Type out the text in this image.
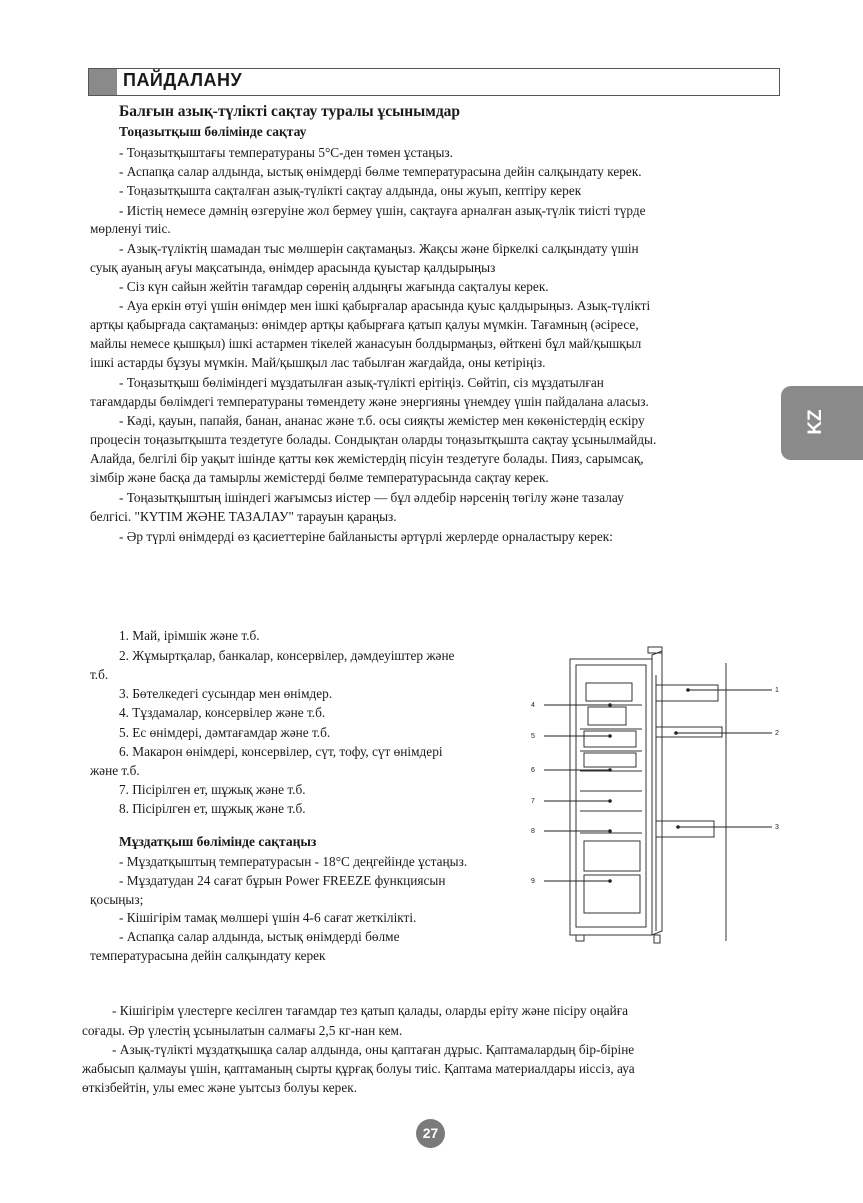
ПАЙДАЛАНУ
KZ
Балғын азық-түлікті сақтау туралы ұсынымдар
Тоңазытқыш бөлімінде сақтау
- Тоңазытқыштағы температураны 5°C-ден төмен ұстаңыз.
- Аспапқа салар алдында, ыстық өнімдерді бөлме температурасына дейін салқындату керек.
- Тоңазытқышта сақталған азық-түлікті сақтау алдында, оны жуып, кептіру керек
- Иістің немесе дәмнің өзгеруіне жол бермеу үшін, сақтауға арналған азық-түлік тиісті түрде
мөрленуі тиіс.
- Азық-түліктің шамадан тыс мөлшерін сақтамаңыз. Жақсы және біркелкі салқындату үшін
суық ауаның ағуы мақсатында, өнімдер арасында қуыстар қалдырыңыз
- Сіз күн сайын жейтін тағамдар сөренің алдыңғы жағында сақталуы керек.
- Ауа еркін өтуі үшін өнімдер мен ішкі қабырғалар арасында қуыс қалдырыңыз. Азық-түлікті
артқы қабырғада сақтамаңыз: өнімдер артқы қабырғаға қатып қалуы мүмкін. Тағамның (әсіресе,
майлы немесе қышқыл) ішкі астармен тікелей жанасуын болдырмаңыз, өйткені бұл май/қышқыл
ішкі астарды бұзуы мүмкін. Май/қышқыл лас табылған жағдайда, оны кетіріңіз.
- Тоңазытқыш бөліміндегі мұздатылған азық-түлікті ерітіңіз. Сөйтіп, сіз мұздатылған
тағамдарды бөлімдегі температураны төмендету және энергияны үнемдеу үшін пайдалана аласыз.
- Кәді, қауын, папайя, банан, ананас және т.б. осы сияқты жемістер мен көкөністердің ескіру
процесін тоңазытқышта тездетуге болады. Сондықтан оларды тоңазытқышта сақтау ұсынылмайды.
Алайда, белгілі бір уақыт ішінде қатты көк жемістердің пісуін тездетуге болады. Пияз, сарымсақ,
зімбір және басқа да тамырлы жемістерді бөлме температурасында сақтау керек.
- Тоңазытқыштың ішіндегі жағымсыз иістер — бұл әлдебір нәрсенің төгілу және тазалау
белгісі. "КҮТІМ ЖӘНЕ ТАЗАЛАУ" тарауын қараңыз.
- Әр түрлі өнімдерді өз қасиеттеріне байланысты әртүрлі жерлерде орналастыру керек:
1. Май, ірімшік және т.б.
2. Жұмыртқалар, банкалар, консервілер, дәмдеуіштер және
т.б.
3. Бөтелкедегі сусындар мен өнімдер.
4. Тұздамалар, консервілер және т.б.
5. Ес өнімдері, дәмтағамдар және т.б.
6. Макарон өнімдері, консервілер, сүт, тофу, сүт өнімдері
және т.б.
7. Пісірілген ет, шұжық және т.б.
8. Пісірілген ет, шұжық және т.б.
Мұздатқыш бөлімінде сақтаңыз
- Мұздатқыштың температурасын - 18°C деңгейінде ұстаңыз.
- Мұздатудан 24 сағат бұрын Power FREEZE функциясын
қосыңыз;
- Кішігірім тамақ мөлшері үшін 4-6 сағат жеткілікті.
- Аспапқа салар алдында, ыстық өнімдерді бөлме
температурасына дейін салқындату керек
- Кішігірім үлестерге кесілген тағамдар тез қатып қалады, оларды еріту және пісіру оңайға
соғады. Әр үлестің ұсынылатын салмағы 2,5 кг-нан кем.
- Азық-түлікті мұздатқышқа салар алдында, оны қаптаған дұрыс. Қаптамалардың бір-біріне
жабысып қалмауы үшін, қаптаманың сырты құрғақ болуы тиіс. Қаптама материалдары иіссіз, ауа
өткізбейтін, улы емес және уытсыз болуы керек.
1
2
3
4
5
6
7
8
9
27
